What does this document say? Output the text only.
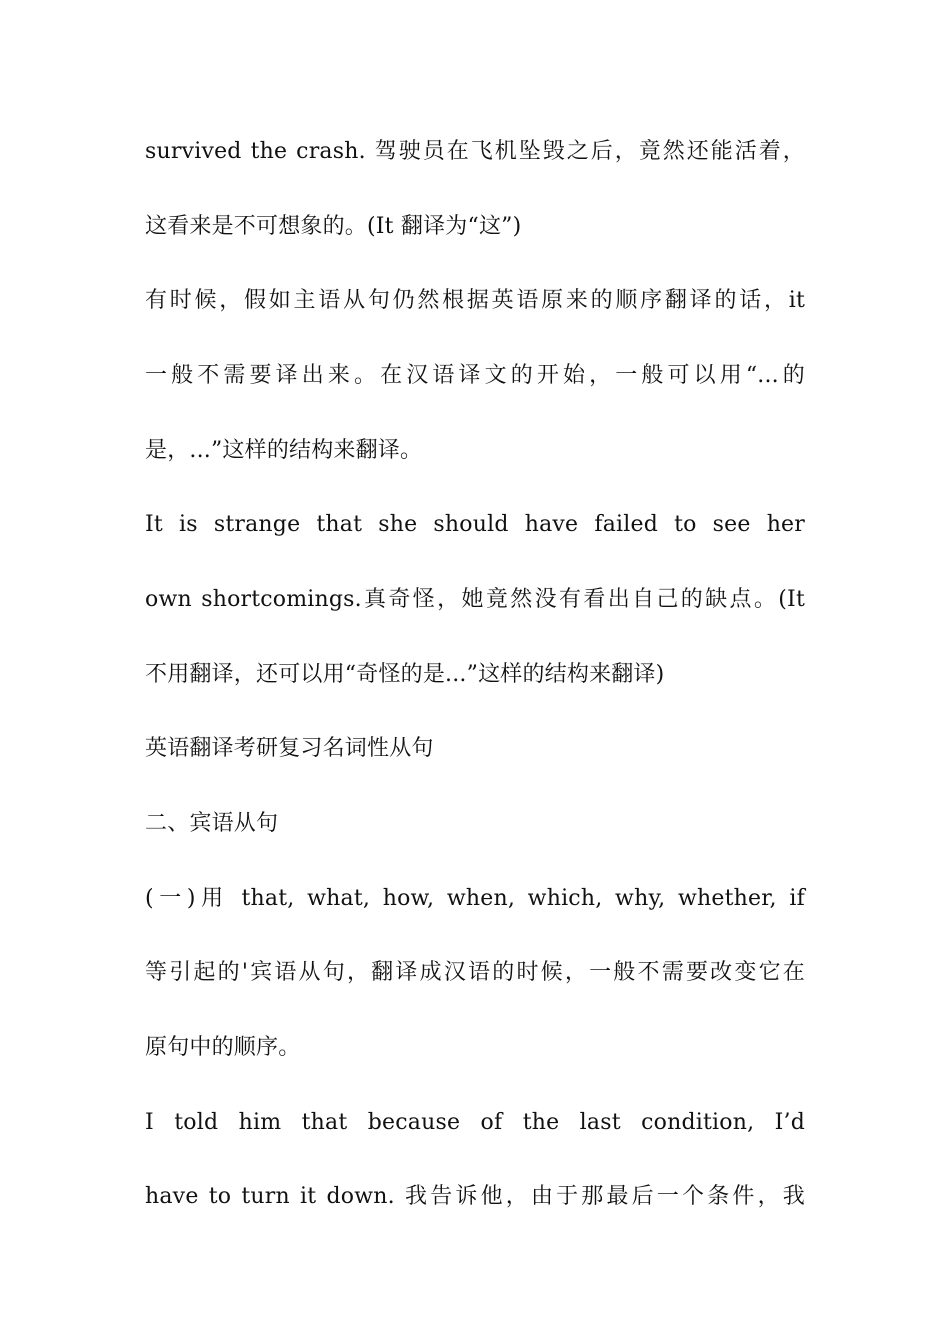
survived the crash. 驾驶员在飞机坠毁之后，竟然还能活着，
这看来是不可想象的。(It 翻译为“这”)
有时候，假如主语从句仍然根据英语原来的顺序翻译的话，it
一般不需要译出来。在汉语译文的开始，一般可以用“...的
是，...”这样的结构来翻译。
It is strange that she should have failed to see her
own shortcomings.真奇怪，她竟然没有看出自己的缺点。(It
不用翻译，还可以用“奇怪的是...”这样的结构来翻译)
英语翻译考研复习名词性从句
二、宾语从句
(一)用 that, what, how, when, which, why, whether, if
等引起的'宾语从句，翻译成汉语的时候，一般不需要改变它在
原句中的顺序。
I told him that because of the last condition, I’d
have to turn it down. 我告诉他，由于那最后一个条件，我
